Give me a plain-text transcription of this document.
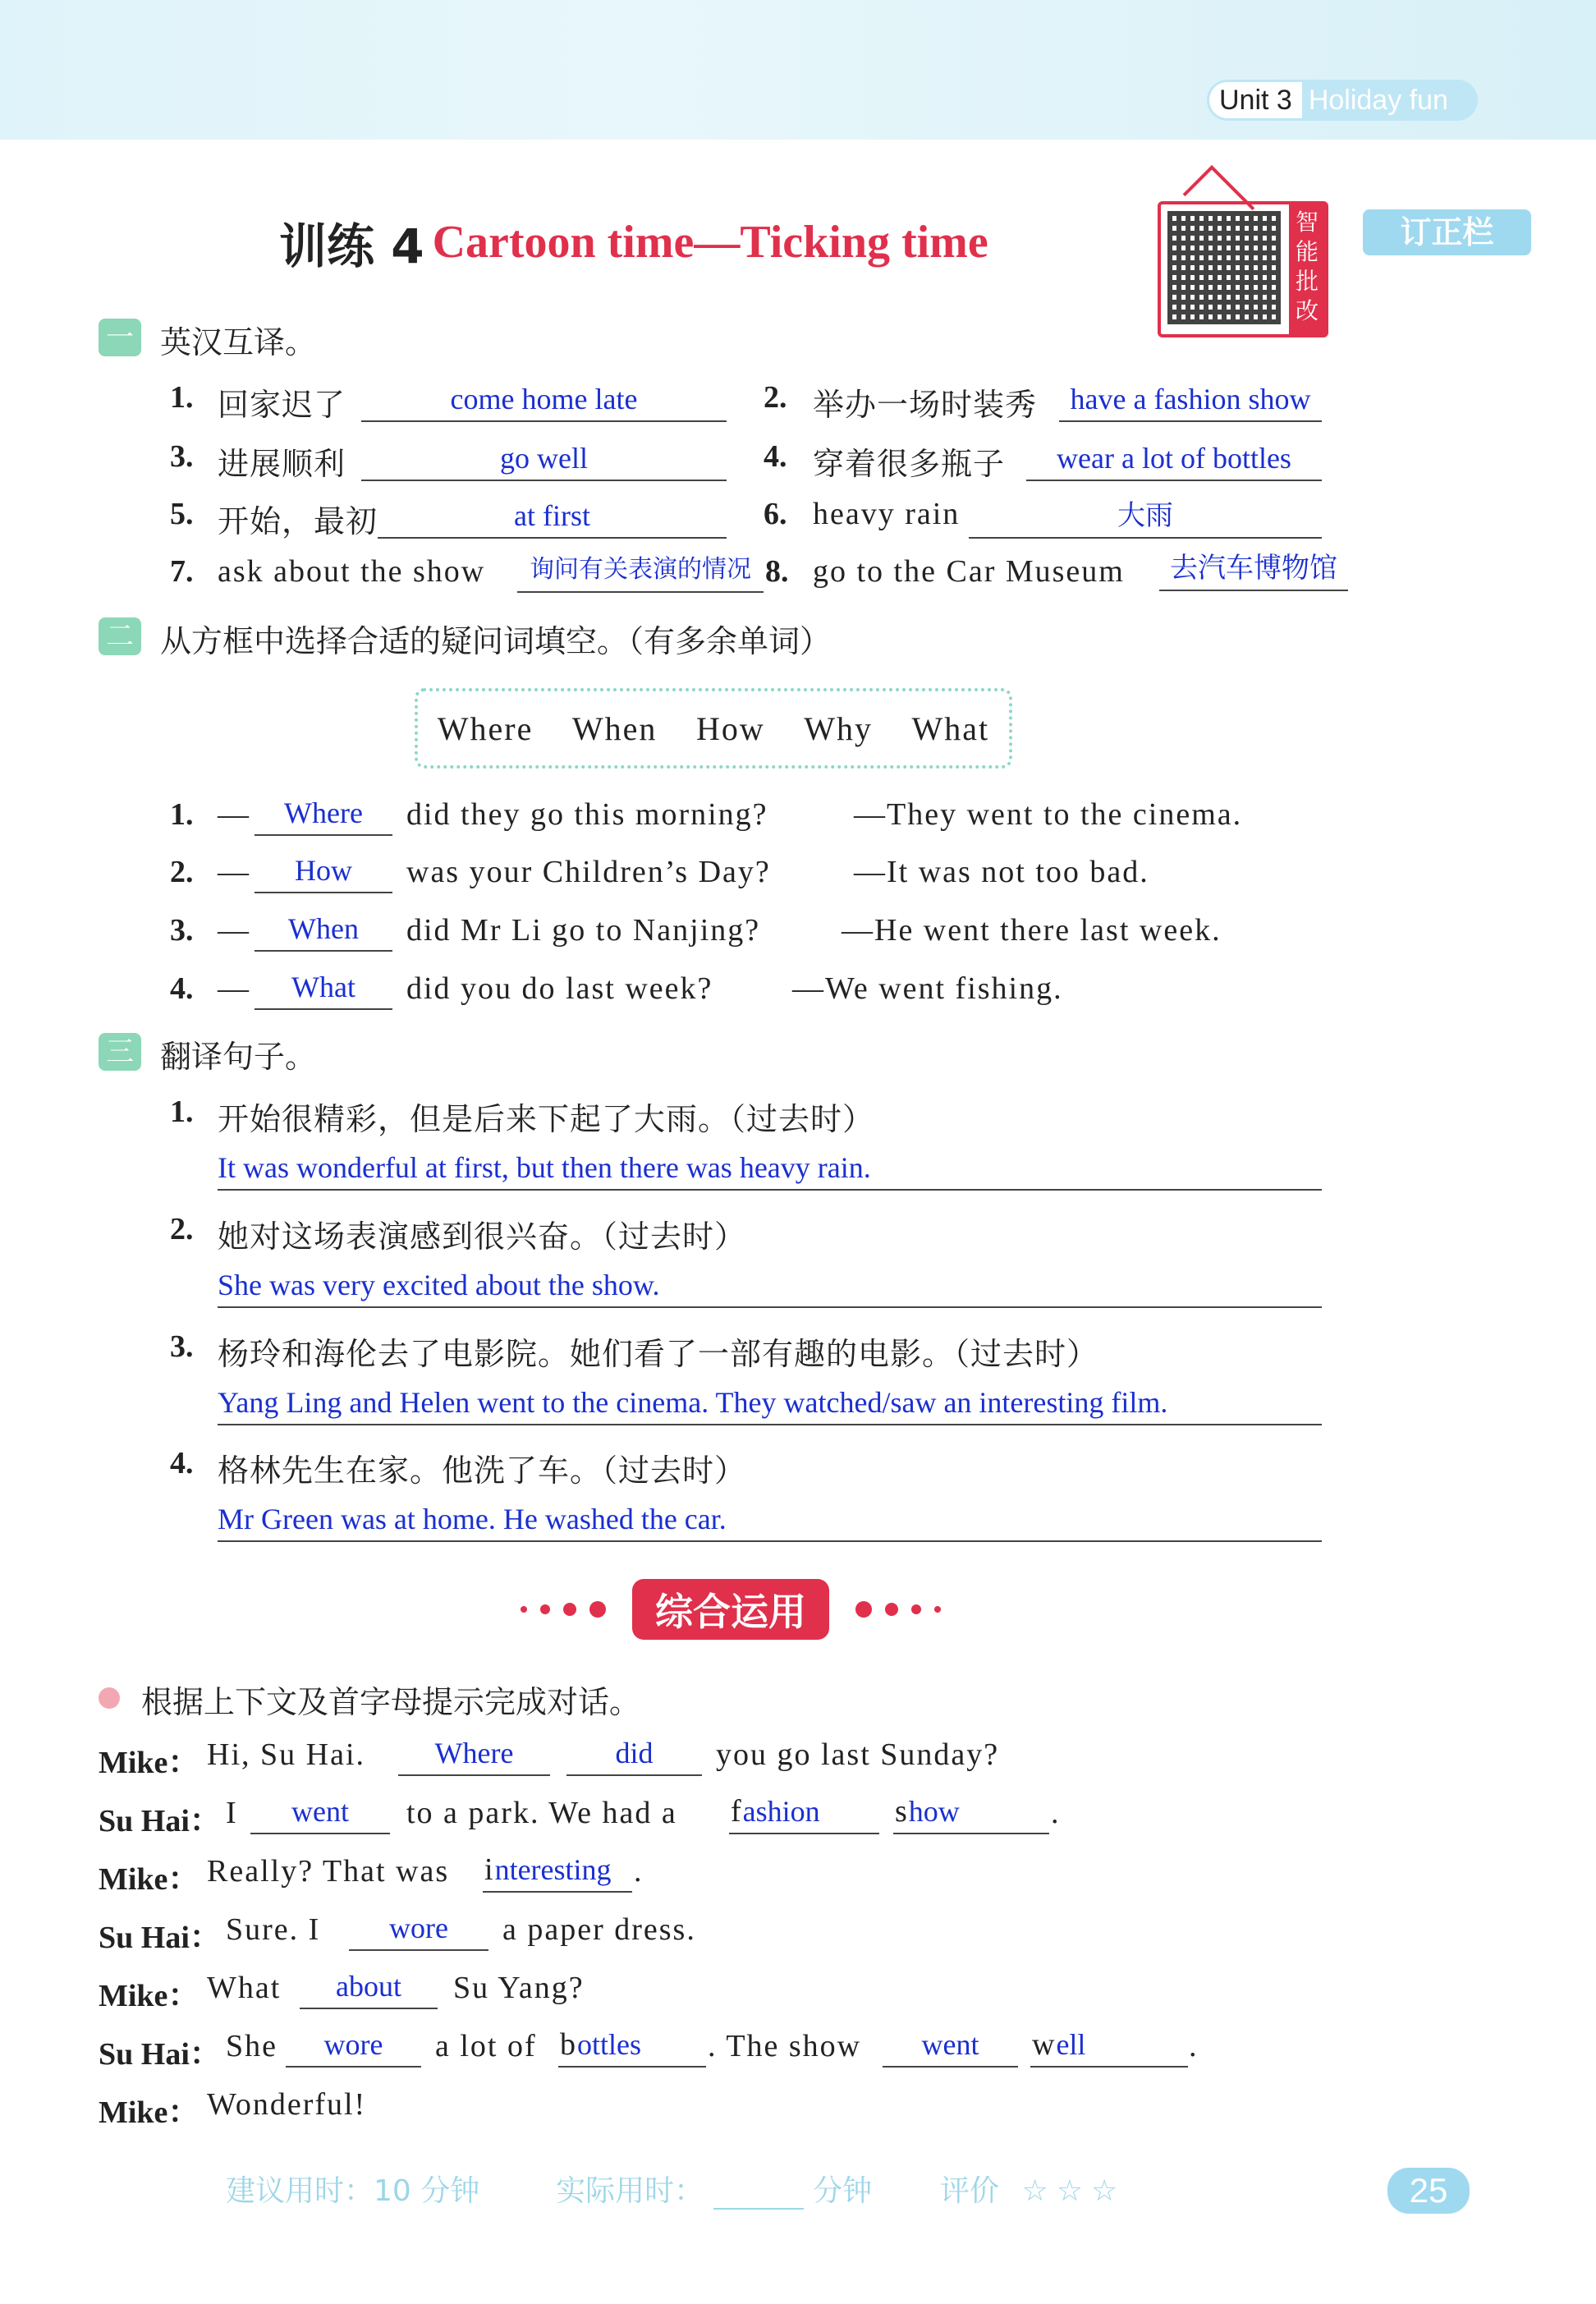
Unit 3 Holiday fun
训练 4 Cartoon time—Ticking time	智能批改
订正栏
一 英汉互译。
1. 回家迟了	come home late	2. 举办一场时装秀	have a fashion show
3. 进展顺利	go well	4. 穿着很多瓶子	wear a lot of bottles
5. 开始，最初	at first	6. heavy rain	大雨
7. ask about the show	询问有关表演的情况 8. go to the Car Museum	去汽车博物馆
二 从方框中选择合适的疑问词填空。（有多余单词）
Where When How Why What
1. —	Where	did they go this morning?	—They went to the cinema.
2. —	How	was your Children’s Day?	—It was not too bad.
3. —	When	did Mr Li go to Nanjing?	—He went there last week.
4. —	What	did you do last week?	—We went fishing.
三 翻译句子。
1. 开始很精彩，但是后来下起了大雨。（过去时）
It was wonderful at first, but then there was heavy rain.
2. 她对这场表演感到很兴奋。（过去时）
She was very excited about the show.
3. 杨玲和海伦去了电影院。她们看了一部有趣的电影。（过去时）
Yang Ling and Helen went to the cinema. They watched/saw an interesting film.
4. 格林先生在家。他洗了车。（过去时）
Mr Green was at home. He washed the car.
综合运用
根据上下文及首字母提示完成对话。
Mike： Hi, Su Hai.	Where	did	you go last Sunday?
Su Hai： I	went	to a park. We had a fashion	show	.
Mike： Really? That was interesting .
Su Hai： Sure. I	wore	a paper dress.
Mike： What	about	Su Yang?
Su Hai： She	wore	a lot of bottles	. The show	went	well	.
Mike： Wonderful!
建议用时：10 分钟	实际用时：	分钟 评价 ☆☆☆	25
